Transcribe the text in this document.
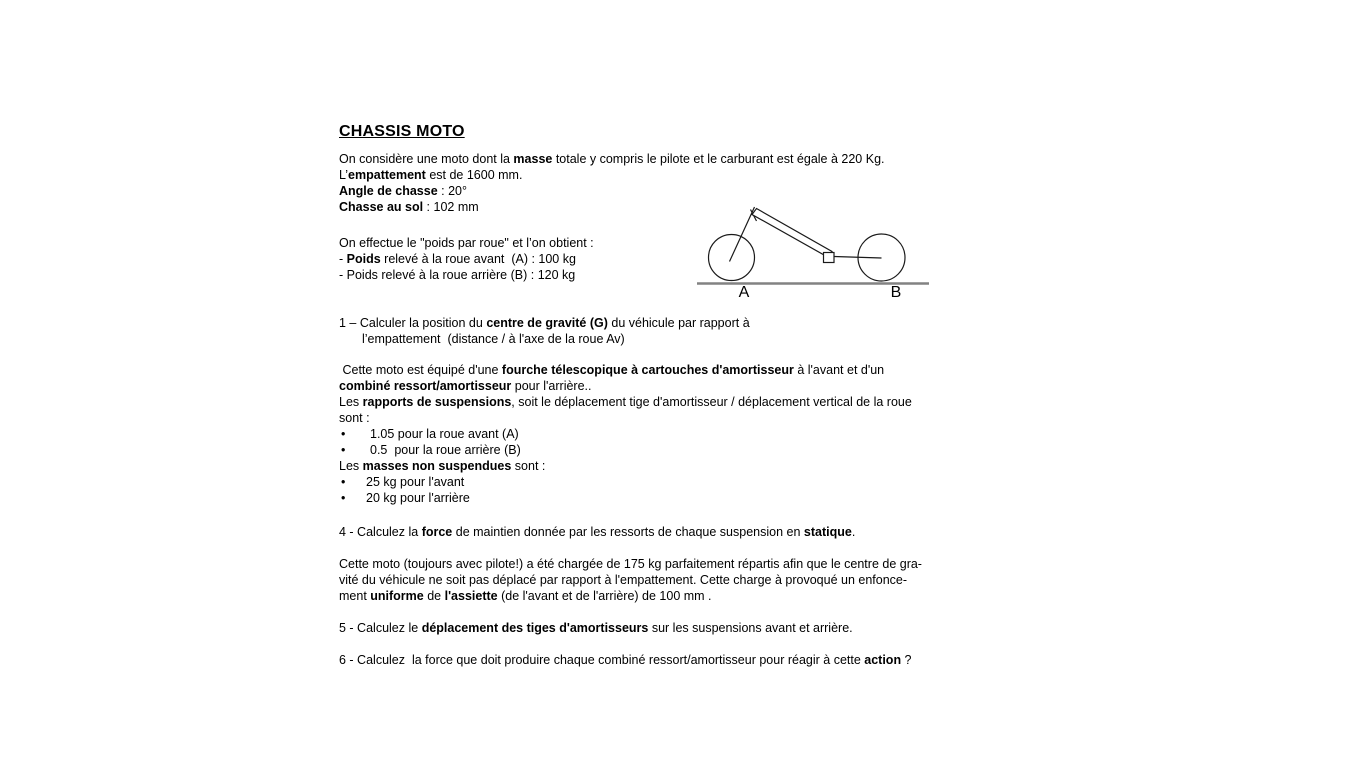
CHASSIS MOTO
On considère une moto dont la masse totale y compris le pilote et le carburant est égale à 220 Kg.
L’empattement est de 1600 mm.
Angle de chasse : 20°
Chasse au sol : 102 mm
On effectue le "poids par roue" et l’on obtient :
- Poids relevé à la roue avant  (A) : 100 kg
- Poids relevé à la roue arrière (B) : 120 kg
1 – Calculer la position du centre de gravité (G) du véhicule par rapport à
l’empattement  (distance / à l'axe de la roue Av)
Cette moto est équipé d'une fourche télescopique à cartouches d'amortisseur à l'avant et d'un
combiné ressort/amortisseur pour l'arrière..
Les rapports de suspensions, soit le déplacement tige d'amortisseur / déplacement vertical de la roue
sont :
• 1.05 pour la roue avant (A)
• 0.5  pour la roue arrière (B)
Les masses non suspendues sont :
• 25 kg pour l'avant
• 20 kg pour l'arrière
4 - Calculez la force de maintien donnée par les ressorts de chaque suspension en statique.
Cette moto (toujours avec pilote!) a été chargée de 175 kg parfaitement répartis afin que le centre de gra-
vité du véhicule ne soit pas déplacé par rapport à l'empattement. Cette charge à provoqué un enfonce-
ment uniforme de l'assiette (de l'avant et de l'arrière) de 100 mm .
5 - Calculez le déplacement des tiges d'amortisseurs sur les suspensions avant et arrière.
6 - Calculez  la force que doit produire chaque combiné ressort/amortisseur pour réagir à cette action ?
A	B
